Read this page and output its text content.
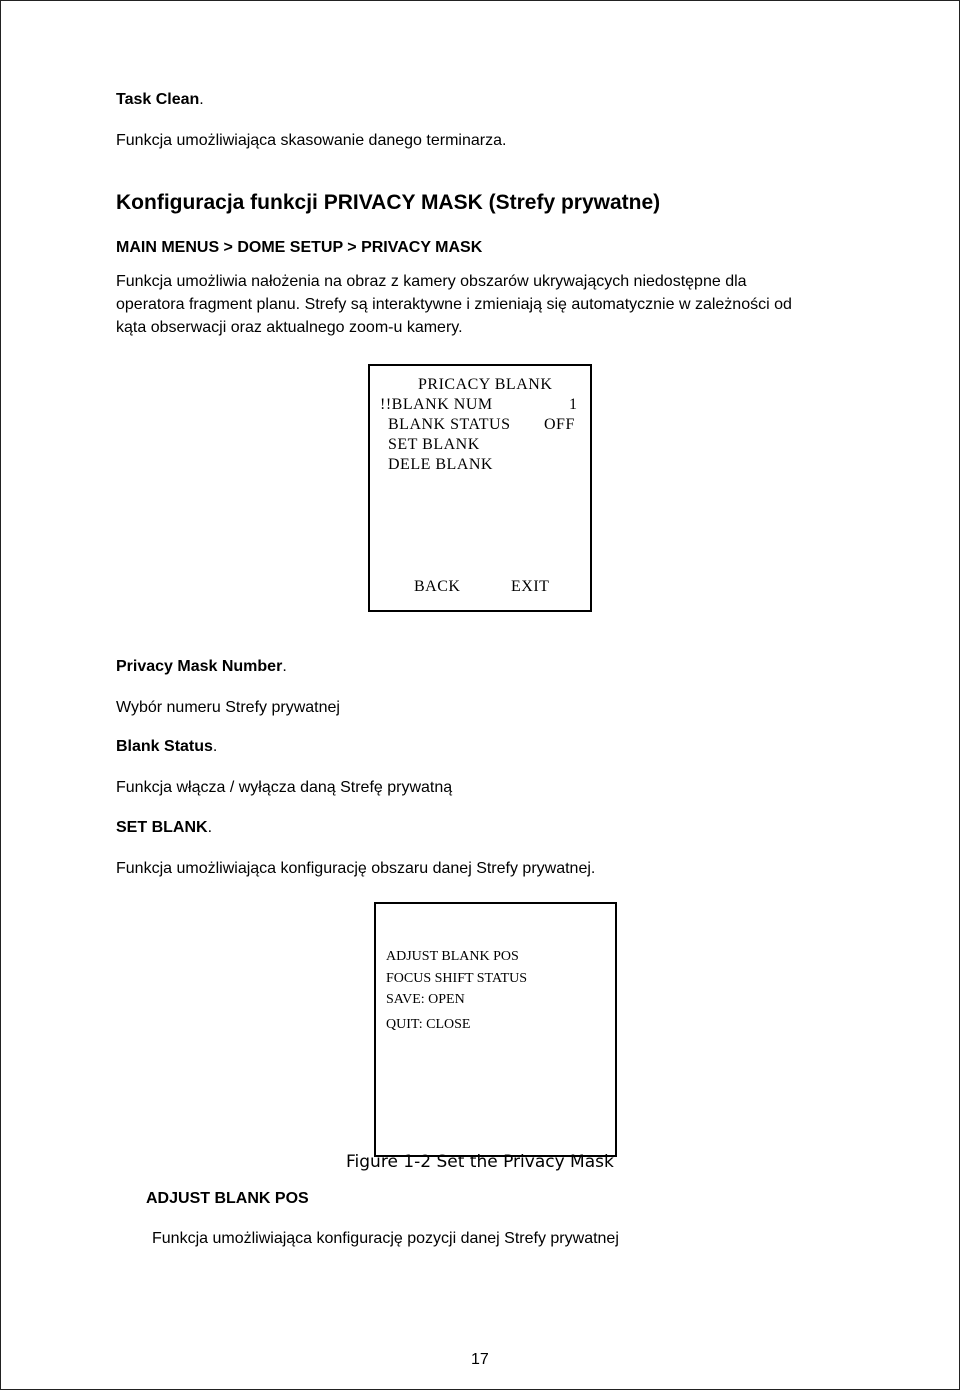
Task Clean.
Funkcja umożliwiająca skasowanie danego terminarza.
Konfiguracja funkcji PRIVACY MASK (Strefy prywatne)
MAIN MENUS > DOME SETUP > PRIVACY MASK
Funkcja umożliwia nałożenia na obraz z kamery obszarów ukrywających niedostępne dla
operatora fragment planu. Strefy są interaktywne i zmieniają się automatycznie w zależności od
kąta obserwacji oraz aktualnego zoom-u kamery.
PRICACY BLANK
!!BLANK NUM	1
BLANK STATUS OFF
SET BLANK
DELE BLANK
BACK	EXIT
Privacy Mask Number.
Wybór numeru Strefy prywatnej
Blank Status.
Funkcja włącza / wyłącza daną Strefę prywatną
SET BLANK.
Funkcja umożliwiająca konfigurację obszaru danej Strefy prywatnej.
ADJUST BLANK POS
FOCUS SHIFT STATUS
SAVE: OPEN
QUIT: CLOSE
Figure 1-2 Set the Privacy Mask
ADJUST BLANK POS
Funkcja umożliwiająca konfigurację pozycji danej Strefy prywatnej
17
